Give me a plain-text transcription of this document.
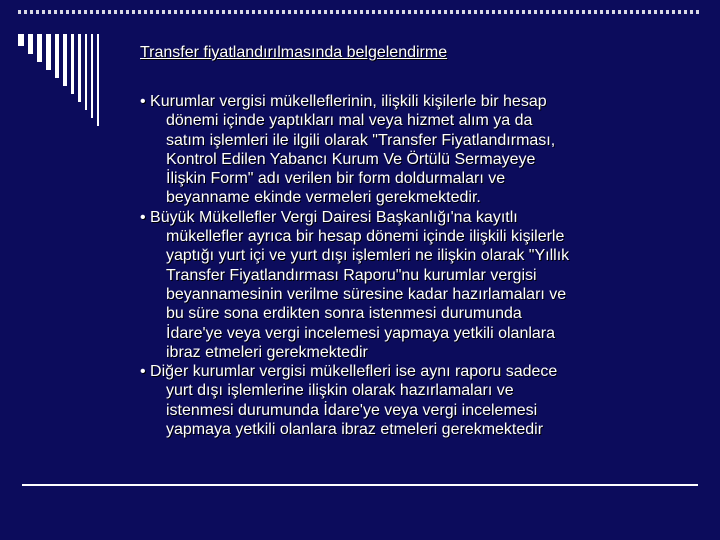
Transfer fiyatlandırılmasında belgelendirme
• Kurumlar vergisi mükelleflerinin, ilişkili kişilerle bir hesap
dönemi içinde yaptıkları mal veya hizmet alım ya da
satım işlemleri ile ilgili olarak "Transfer Fiyatlandırması,
Kontrol Edilen Yabancı Kurum Ve Örtülü Sermayeye
İlişkin Form" adı verilen bir form doldurmaları ve
beyanname ekinde vermeleri gerekmektedir.
• Büyük Mükellefler Vergi Dairesi Başkanlığı'na kayıtlı
mükellefler ayrıca bir hesap dönemi içinde ilişkili kişilerle
yaptığı yurt içi ve yurt dışı işlemleri ne ilişkin olarak "Yıllık
Transfer Fiyatlandırması Raporu"nu kurumlar vergisi
beyannamesinin verilme süresine kadar hazırlamaları ve
bu süre sona erdikten sonra istenmesi durumunda
İdare'ye veya vergi incelemesi yapmaya yetkili olanlara
ibraz etmeleri gerekmektedir
• Diğer kurumlar vergisi mükellefleri ise aynı raporu sadece
yurt dışı işlemlerine ilişkin olarak hazırlamaları ve
istenmesi durumunda İdare'ye veya vergi incelemesi
yapmaya yetkili olanlara ibraz etmeleri gerekmektedir
